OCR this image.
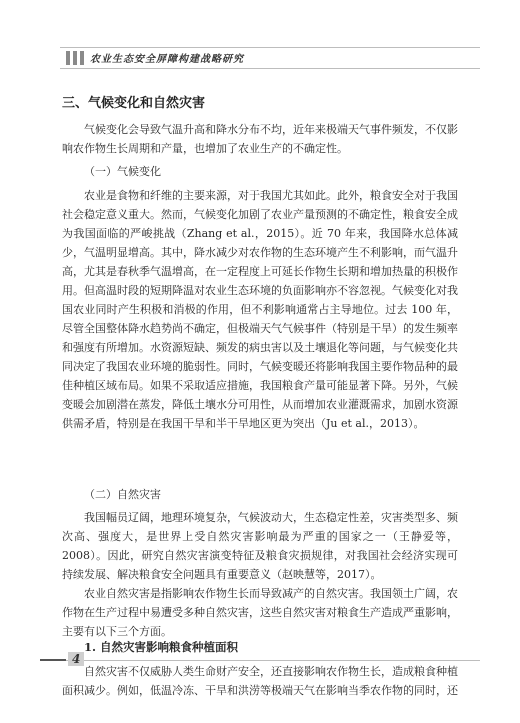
农业生态安全屏障构建战略研究
三、气候变化和自然灾害

气候变化会导致气温升高和降水分布不均，近年来极端天气事件频发，不仅影响农作物生长周期和产量，也增加了农业生产的不确定性。

（一）气候变化

农业是食物和纤维的主要来源，对于我国尤其如此。此外，粮食安全对于我国社会稳定意义重大。然而，气候变化加剧了农业产量预测的不确定性，粮食安全成为我国面临的严峻挑战（Zhang et al.，2015）。近 70 年来，我国降水总体减少，气温明显增高。其中，降水减少对农作物的生态环境产生不利影响，而气温升高，尤其是春秋季气温增高，在一定程度上可延长作物生长期和增加热量的积极作用。但高温时段的短期降温对农业生态环境的负面影响亦不容忽视。气候变化对我国农业同时产生积极和消极的作用，但不利影响通常占主导地位。过去 100 年，尽管全国整体降水趋势尚不确定，但极端天气气候事件（特别是干旱）的发生频率和强度有所增加。水资源短缺、频发的病虫害以及土壤退化等问题，与气候变化共同决定了我国农业环境的脆弱性。同时，气候变暖还将影响我国主要作物品种的最佳种植区域布局。如果不采取适应措施，我国粮食产量可能显著下降。另外，气候变暖会加剧潜在蒸发，降低土壤水分可用性，从而增加农业灌溉需求，加剧水资源供需矛盾，特别是在我国干旱和半干旱地区更为突出（Ju et al.，2013）。

（二）自然灾害

我国幅员辽阔，地理环境复杂，气候波动大，生态稳定性差，灾害类型多、频次高、强度大，是世界上受自然灾害影响最为严重的国家之一（王静爱等，2008）。因此，研究自然灾害演变特征及粮食灾损规律，对我国社会经济实现可持续发展、解决粮食安全问题具有重要意义（赵映慧等，2017）。

农业自然灾害是指影响农作物生长而导致减产的自然灾害。我国领土广阔，农作物在生产过程中易遭受多种自然灾害，这些自然灾害对粮食生产造成严重影响，主要有以下三个方面。

1. 自然灾害影响粮食种植面积

自然灾害不仅威胁人类生命财产安全，还直接影响农作物生长，造成粮食种植面积减少。例如，低温冷冻、干旱和洪涝等极端天气在影响当季农作物的同时，还

4
